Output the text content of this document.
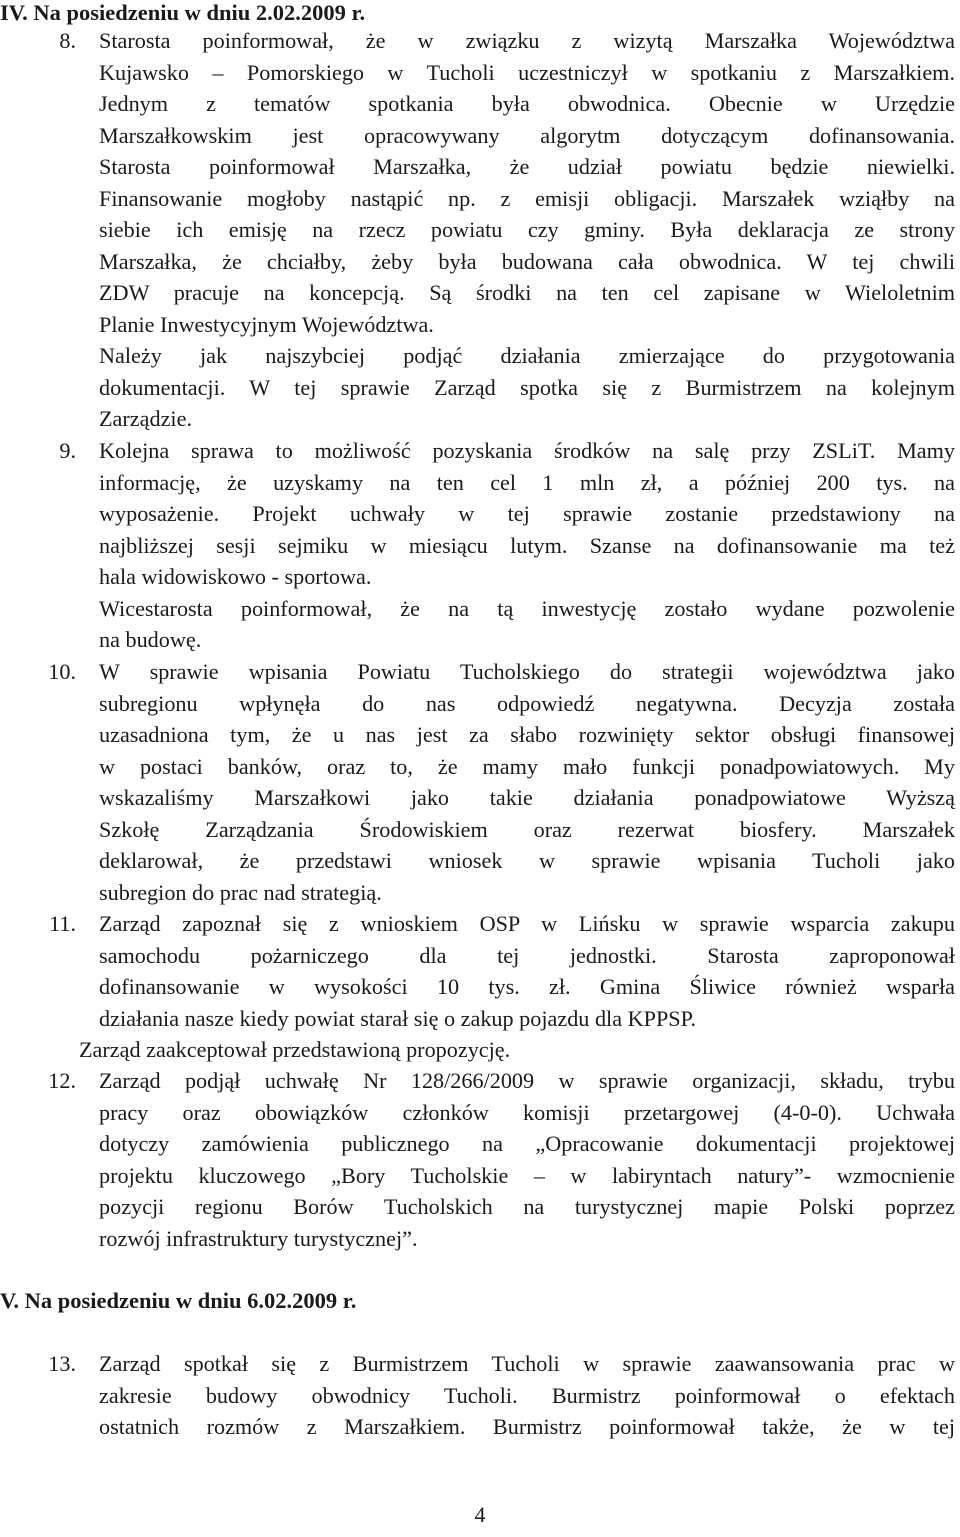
IV. Na posiedzeniu w dniu 2.02.2009 r.
8. Starosta poinformował, że w związku z wizytą Marszałka Województwa
Kujawsko – Pomorskiego w Tucholi uczestniczył w spotkaniu z Marszałkiem.
Jednym z tematów spotkania była obwodnica. Obecnie w Urzędzie
Marszałkowskim jest opracowywany algorytm dotyczącym dofinansowania.
Starosta poinformował Marszałka, że udział powiatu będzie niewielki.
Finansowanie mogłoby nastąpić np. z emisji obligacji. Marszałek wziąłby na
siebie ich emisję na rzecz powiatu czy gminy. Była deklaracja ze strony
Marszałka, że chciałby, żeby była budowana cała obwodnica. W tej chwili
ZDW pracuje na koncepcją. Są środki na ten cel zapisane w Wieloletnim
Planie Inwestycyjnym Województwa.
Należy jak najszybciej podjąć działania zmierzające do przygotowania
dokumentacji. W tej sprawie Zarząd spotka się z Burmistrzem na kolejnym
Zarządzie.
9. Kolejna sprawa to możliwość pozyskania środków na salę przy ZSLiT. Mamy
informację, że uzyskamy na ten cel 1 mln zł, a później 200 tys. na
wyposażenie. Projekt uchwały w tej sprawie zostanie przedstawiony na
najbliższej sesji sejmiku w miesiącu lutym. Szanse na dofinansowanie ma też
hala widowiskowo - sportowa.
Wicestarosta poinformował, że na tą inwestycję zostało wydane pozwolenie
na budowę.
10. W sprawie wpisania Powiatu Tucholskiego do strategii województwa jako
subregionu wpłynęła do nas odpowiedź negatywna. Decyzja została
uzasadniona tym, że u nas jest za słabo rozwinięty sektor obsługi finansowej
w postaci banków, oraz to, że mamy mało funkcji ponadpowiatowych. My
wskazaliśmy Marszałkowi jako takie działania ponadpowiatowe Wyższą
Szkołę Zarządzania Środowiskiem oraz rezerwat biosfery. Marszałek
deklarował, że przedstawi wniosek w sprawie wpisania Tucholi jako
subregion do prac nad strategią.
11. Zarząd zapoznał się z wnioskiem OSP w Lińsku w sprawie wsparcia zakupu
samochodu pożarniczego dla tej jednostki. Starosta zaproponował
dofinansowanie w wysokości 10 tys. zł. Gmina Śliwice również wsparła
działania nasze kiedy powiat starał się o zakup pojazdu dla KPPSP.
Zarząd zaakceptował przedstawioną propozycję.
12. Zarząd podjął uchwałę Nr 128/266/2009 w sprawie organizacji, składu, trybu
pracy oraz obowiązków członków komisji przetargowej (4-0-0). Uchwała
dotyczy zamówienia publicznego na „Opracowanie dokumentacji projektowej
projektu kluczowego „Bory Tucholskie – w labiryntach natury”- wzmocnienie
pozycji regionu Borów Tucholskich na turystycznej mapie Polski poprzez
rozwój infrastruktury turystycznej”.
V. Na posiedzeniu w dniu 6.02.2009 r.
13. Zarząd spotkał się z Burmistrzem Tucholi w sprawie zaawansowania prac w
zakresie budowy obwodnicy Tucholi. Burmistrz poinformował o efektach
ostatnich rozmów z Marszałkiem. Burmistrz poinformował także, że w tej
4
